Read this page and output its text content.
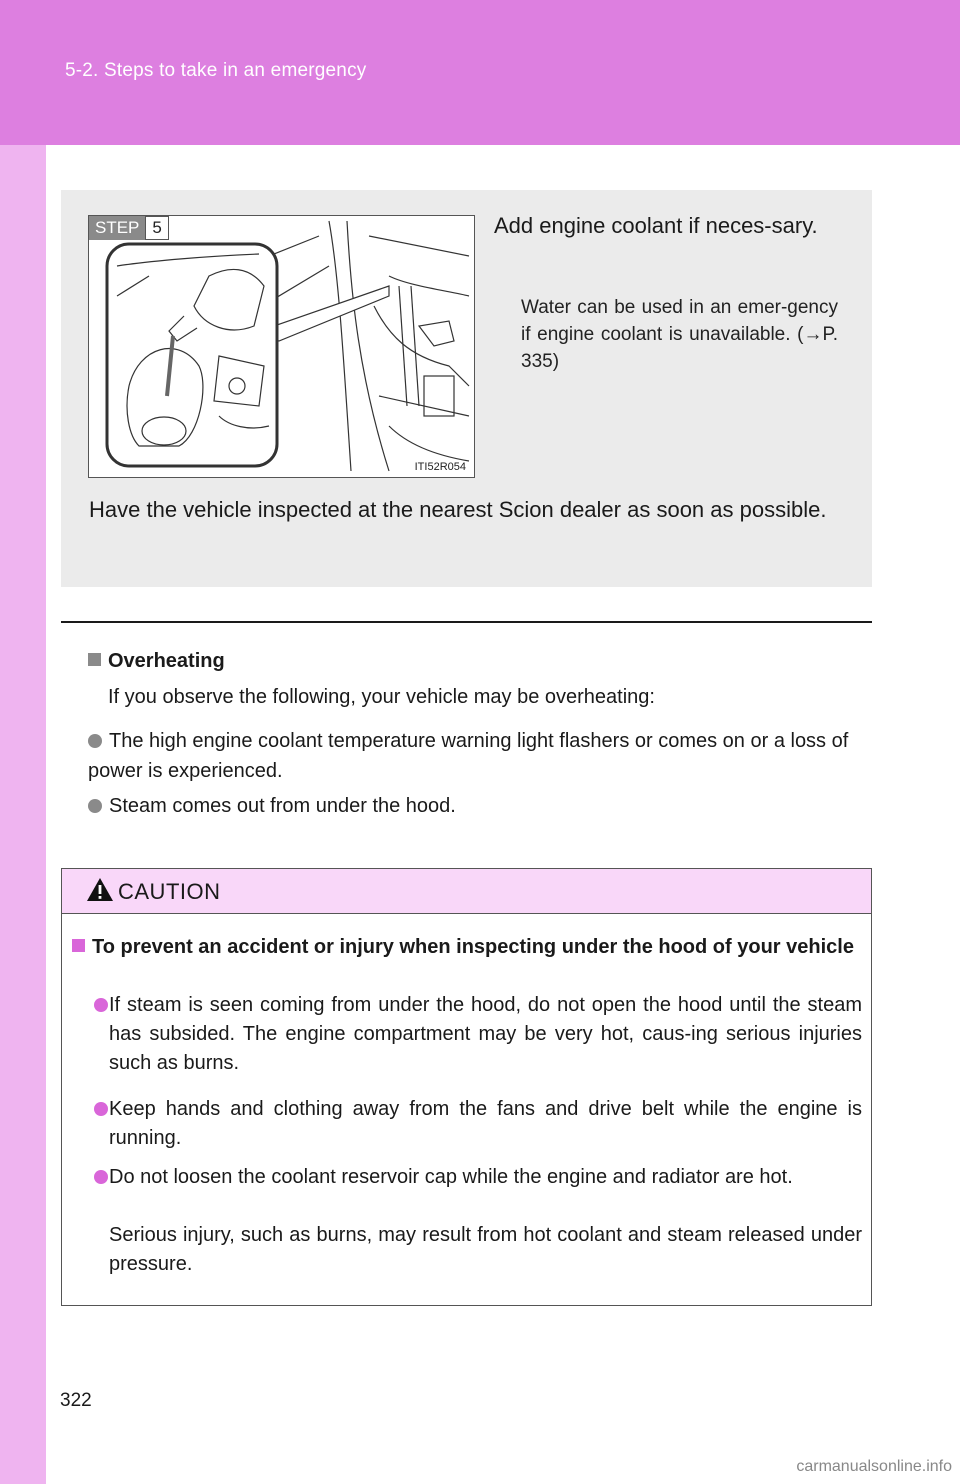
5-2. Steps to take in an emergency
STEP 5
ITI52R054
Add engine coolant if neces-sary.
Water can be used in an emer-gency if engine coolant is unavailable. (→P. 335)
Have the vehicle inspected at the nearest Scion dealer as soon as possible.
Overheating
If you observe the following, your vehicle may be overheating:
The high engine coolant temperature warning light flashers or comes on or a loss of power is experienced.
Steam comes out from under the hood.
CAUTION
To prevent an accident or injury when inspecting under the hood of your vehicle
If steam is seen coming from under the hood, do not open the hood until the steam has subsided. The engine compartment may be very hot, caus-ing serious injuries such as burns.
Keep hands and clothing away from the fans and drive belt while the engine is running.
Do not loosen the coolant reservoir cap while the engine and radiator are hot.
Serious injury, such as burns, may result from hot coolant and steam released under pressure.
322
carmanualsonline.info
